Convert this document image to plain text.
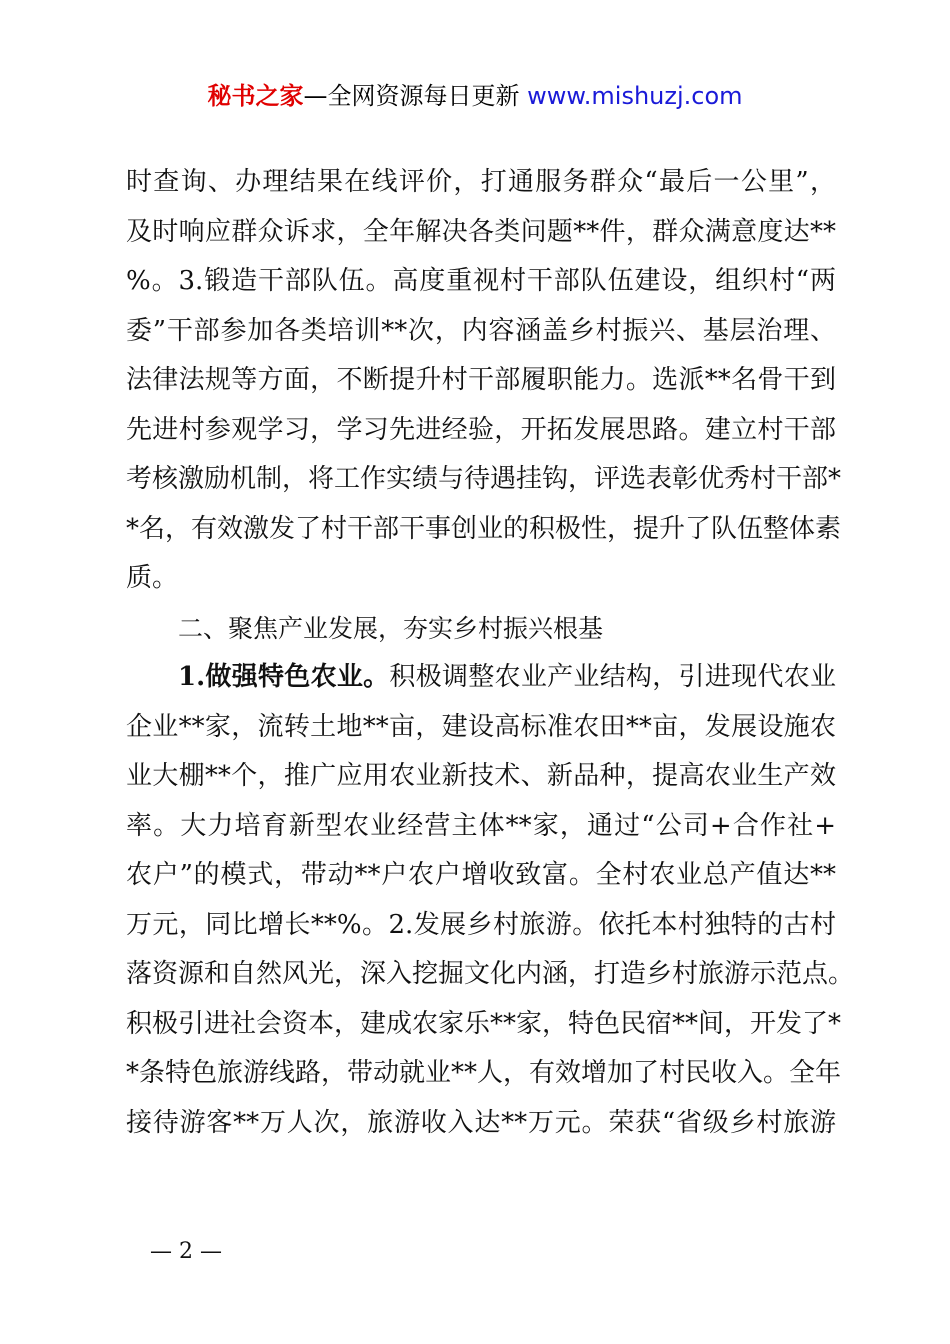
秘书之家—全网资源每日更新 www.mishuzj.com
时查询、办理结果在线评价，打通服务群众“最后一公里”，
及时响应群众诉求，全年解决各类问题**件，群众满意度达**
%。3.锻造干部队伍。高度重视村干部队伍建设，组织村“两
委”干部参加各类培训**次，内容涵盖乡村振兴、基层治理、
法律法规等方面，不断提升村干部履职能力。选派**名骨干到
先进村参观学习，学习先进经验，开拓发展思路。建立村干部
考核激励机制，将工作实绩与待遇挂钩，评选表彰优秀村干部*
*名，有效激发了村干部干事创业的积极性，提升了队伍整体素
质。
二、聚焦产业发展，夯实乡村振兴根基
1.做强特色农业。积极调整农业产业结构，引进现代农业
企业**家，流转土地**亩，建设高标准农田**亩，发展设施农
业大棚**个，推广应用农业新技术、新品种，提高农业生产效
率。大力培育新型农业经营主体**家，通过“公司+合作社+
农户”的模式，带动**户农户增收致富。全村农业总产值达**
万元，同比增长**%。2.发展乡村旅游。依托本村独特的古村
落资源和自然风光，深入挖掘文化内涵，打造乡村旅游示范点。
积极引进社会资本，建成农家乐**家，特色民宿**间，开发了*
*条特色旅游线路，带动就业**人，有效增加了村民收入。全年
接待游客**万人次，旅游收入达**万元。荣获“省级乡村旅游
— 2 —
